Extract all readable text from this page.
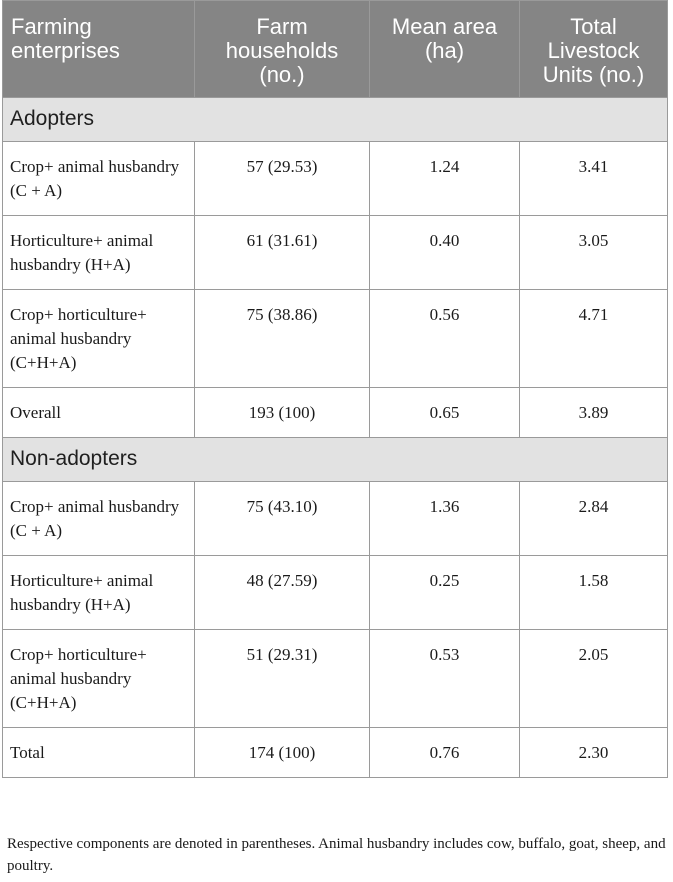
Farming enterprises	Farm households (no.)	Mean area (ha)	Total Livestock Units (no.)
Adopters			
Crop+ animal husbandry (C + A)	57 (29.53)	1.24	3.41
Horticulture+ animal husbandry (H+A)	61 (31.61)	0.40	3.05
Crop+ horticulture+ animal husbandry (C+H+A)	75 (38.86)	0.56	4.71
Overall	193 (100)	0.65	3.89
Non-adopters			
Crop+ animal husbandry (C + A)	75 (43.10)	1.36	2.84
Horticulture+ animal husbandry (H+A)	48 (27.59)	0.25	1.58
Crop+ horticulture+ animal husbandry (C+H+A)	51 (29.31)	0.53	2.05
Total	174 (100)	0.76	2.30
Respective components are denoted in parentheses. Animal husbandry includes cow, buffalo, goat, sheep, and poultry.
